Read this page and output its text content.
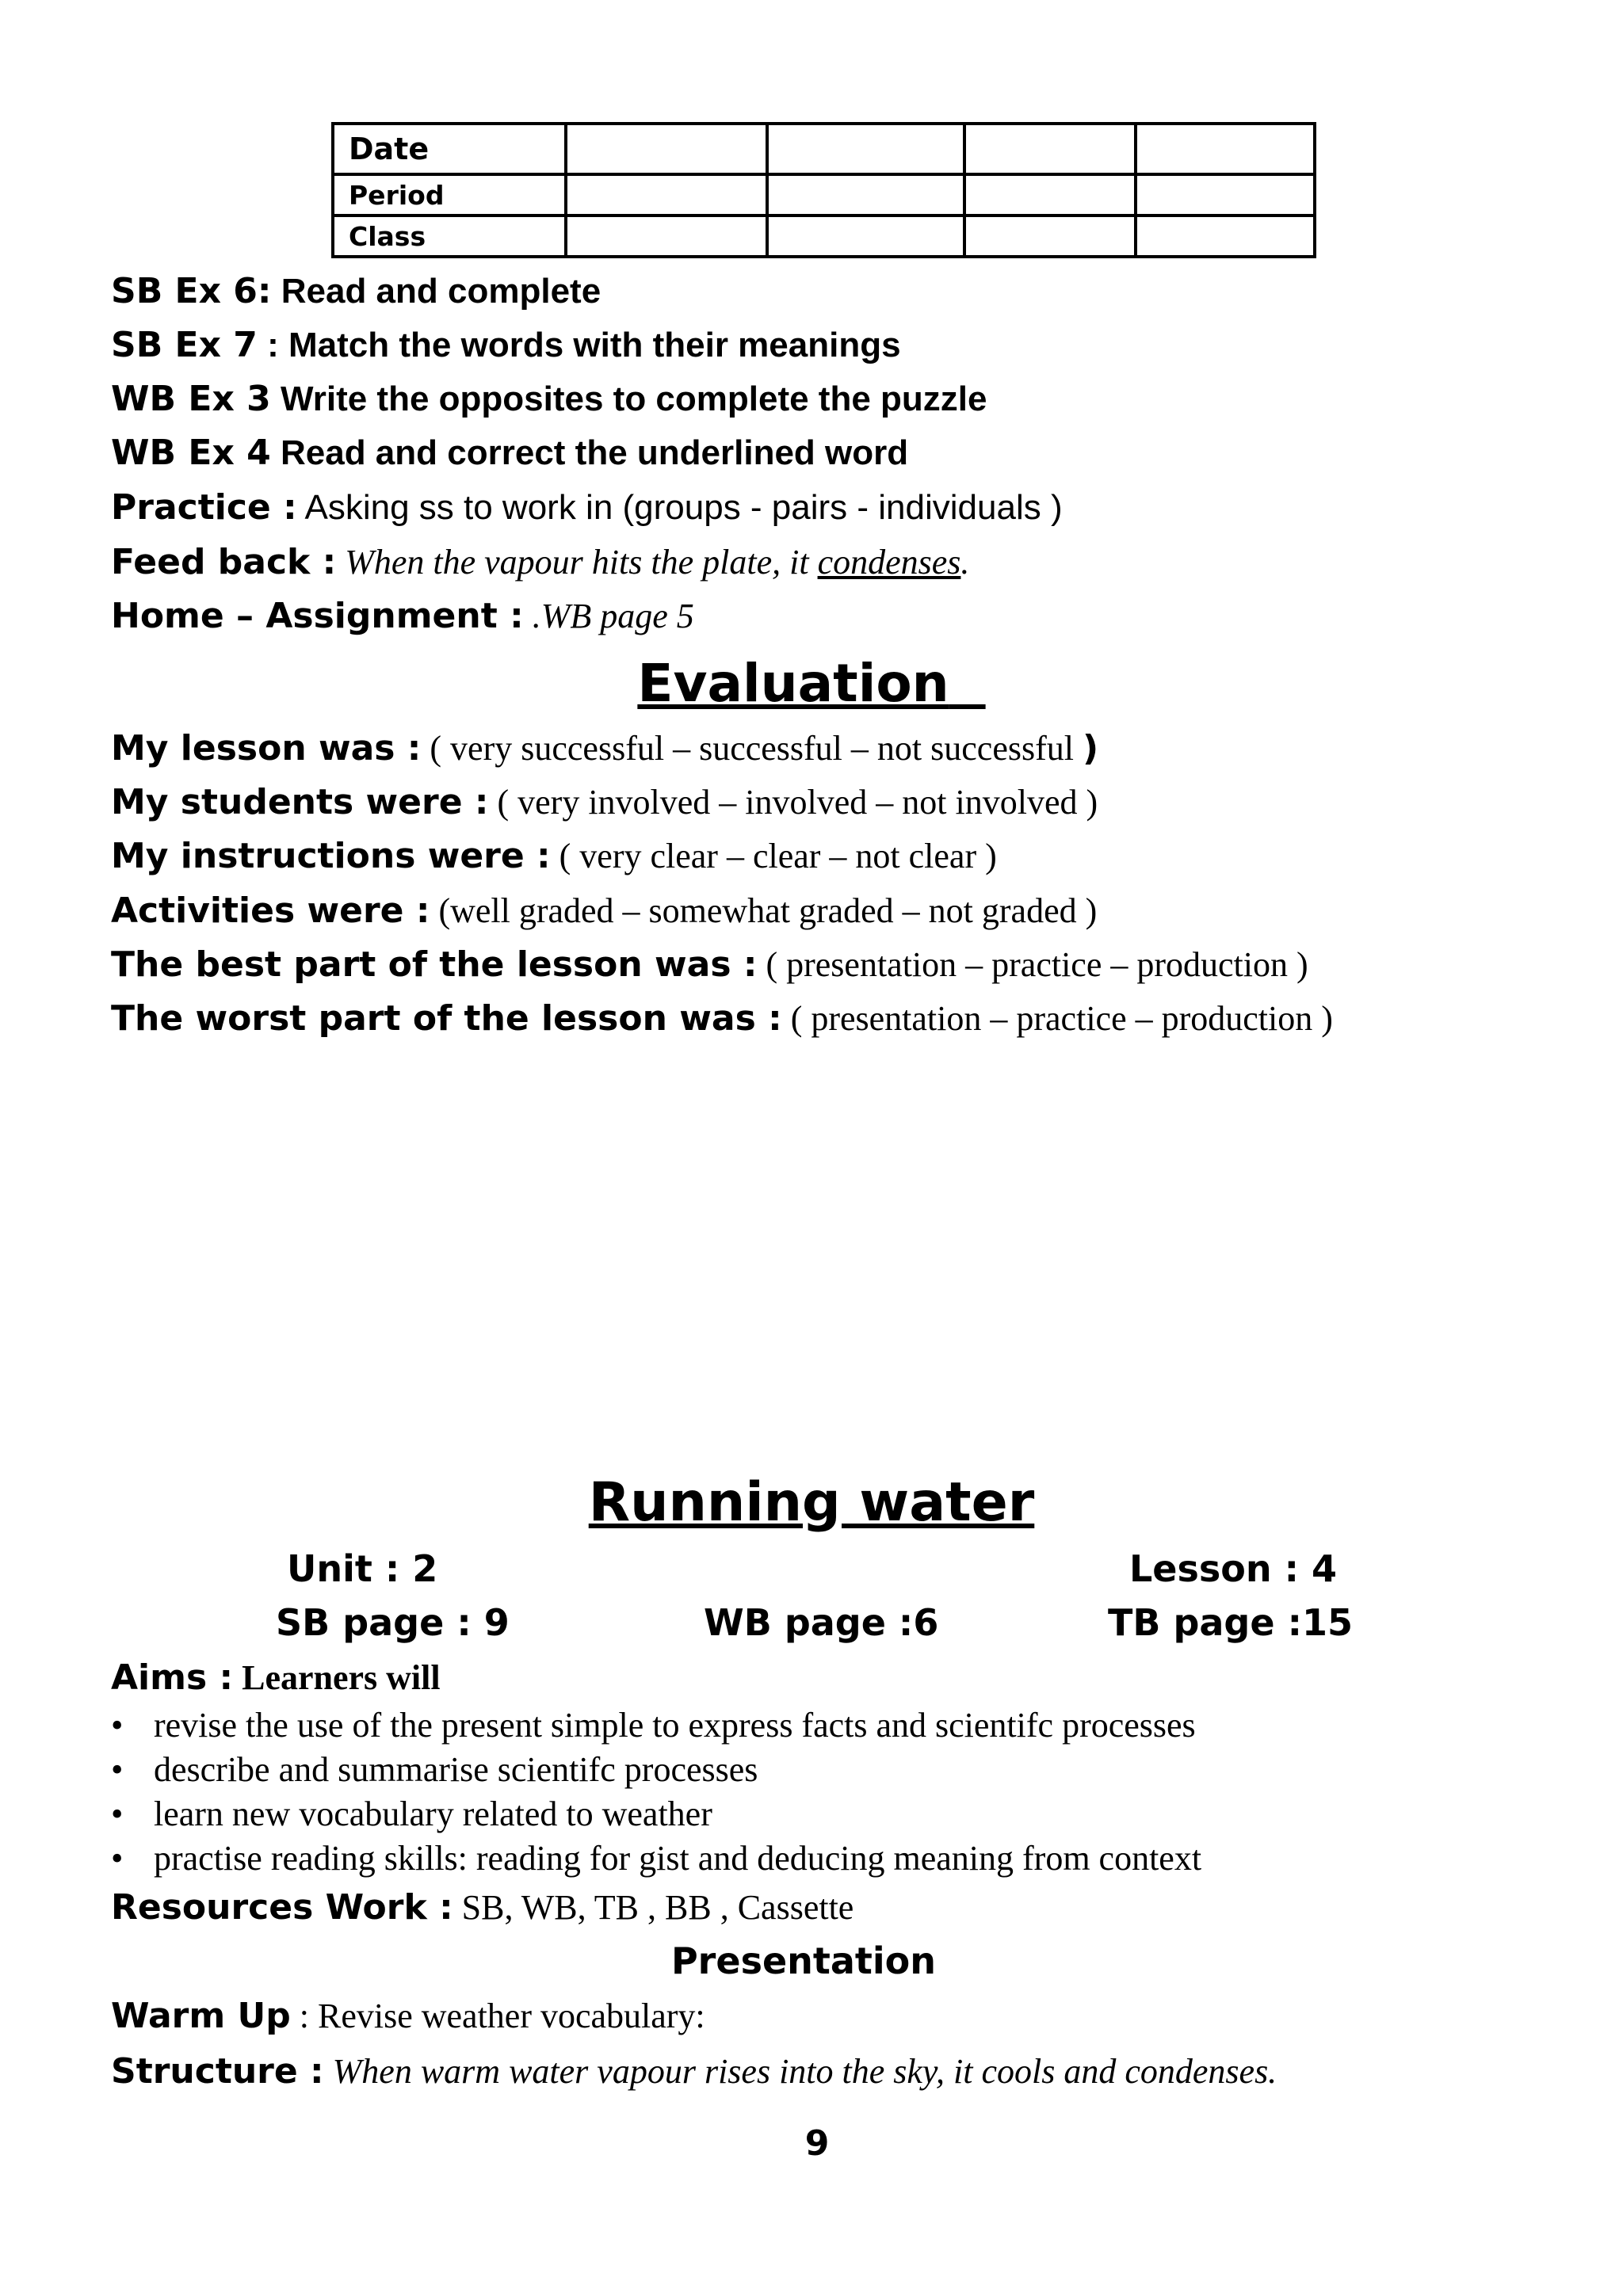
Date				
Period				
Class				
SB Ex 6: Read and complete
SB Ex 7 : Match the words with their meanings
WB Ex 3 Write the opposites to complete the puzzle
WB Ex 4 Read and correct the underlined word
Practice : Asking ss to work in (groups - pairs - individuals )
Feed back : When the vapour hits the plate, it condenses.
Home – Assignment : .WB page 5
Evaluation
My lesson was : ( very successful – successful – not successful )
My students were : ( very involved – involved – not involved )
My instructions were : ( very clear – clear – not clear )
Activities were : (well graded – somewhat graded – not graded )
The best part of the lesson was : ( presentation – practice – production )
The worst part of the lesson was : ( presentation – practice – production )
Running water
Unit : 2	Lesson : 4
SB page : 9	WB page :6	TB page :15
Aims : Learners will
• revise the use of the present simple to express facts and scientifc processes
• describe and summarise scientifc processes
• learn new vocabulary related to weather
• practise reading skills: reading for gist and deducing meaning from context
Resources Work : SB, WB, TB , BB , Cassette
Presentation
Warm Up : Revise weather vocabulary:
Structure : When warm water vapour rises into the sky, it cools and condenses.
9
